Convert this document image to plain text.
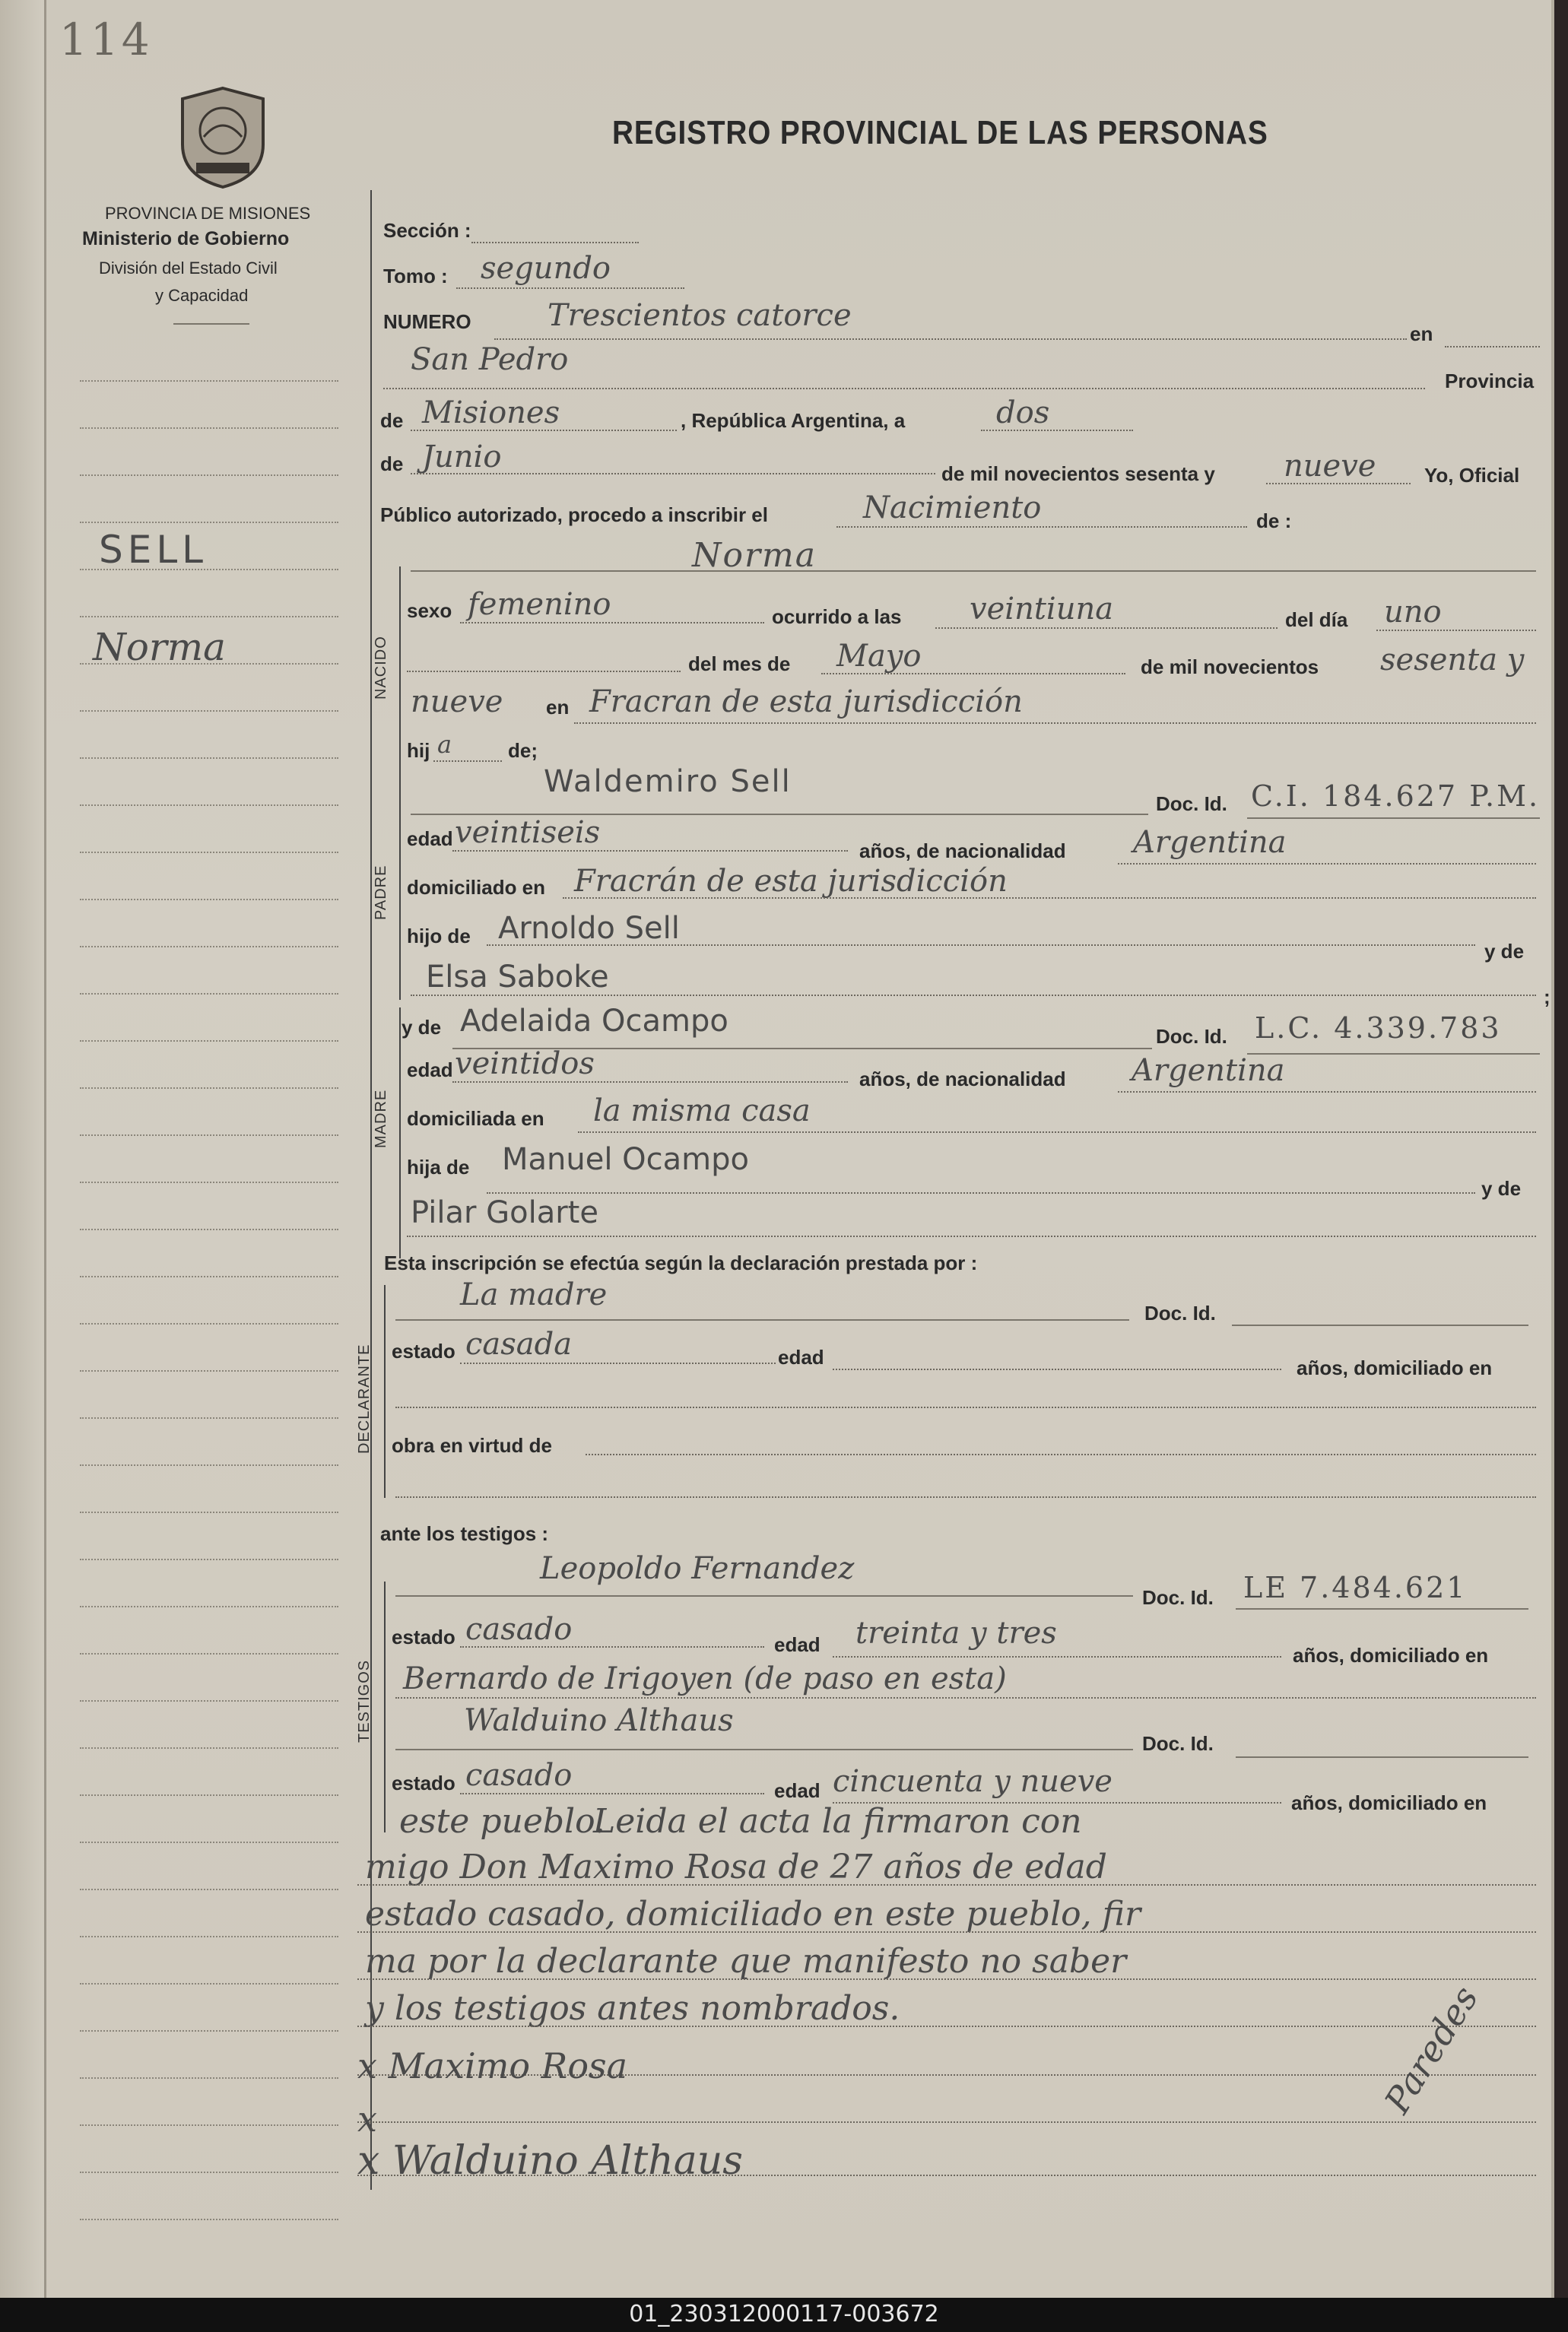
114
REGISTRO PROVINCIAL DE LAS PERSONAS
PROVINCIA DE MISIONES
Ministerio de Gobierno
División del Estado Civil
y Capacidad
SELL
Norma
Sección :
Tomo : segundo
NUMERO	Trescientos catorce
en
San Pedro
Provincia
de Misiones	, República Argentina, a	dos
de Junio	de mil novecientos sesenta y nueve Yo, Oficial
Público autorizado, procedo a inscribir el	Nacimiento	de :
NACIDO
Norma
sexo femenino	ocurrido a las veintiuna	del día uno
del mes de Mayo	de mil novecientos sesenta y
nueve en Fracran de esta jurisdicción
hij a	de;
PADRE
Waldemiro Sell
Doc. Id. C.I. 184.627 P.M.
edad veintiseis
años, de nacionalidad Argentina
domiciliado en Fracrán de esta jurisdicción
hijo de Arnoldo Sell
y de
Elsa Saboke
;
MADRE
y de Adelaida Ocampo	Doc. Id. L.C. 4.339.783
edad veintidos	años, de nacionalidad Argentina
domiciliada en la misma casa
hija de Manuel Ocampo
y de
Pilar Golarte
Esta inscripción se efectúa según la declaración prestada por :
DECLARANTE
La madre
Doc. Id.
estado casada	edad	años, domiciliado en
obra en virtud de
ante los testigos :
TESTIGOS
Leopoldo Fernandez
Doc. Id. LE 7.484.621
estado casado	edad treinta y tres
años, domiciliado en
Bernardo de Irigoyen (de paso en esta)
Walduino Althaus
Doc. Id.
estado casado	edad cincuenta y nueve
años, domiciliado en
este pueblo.
Leida el acta la firmaron con
migo Don Maximo Rosa de 27 años de edad
estado casado, domiciliado en este pueblo, fir
ma por la declarante que manifesto no saber
y los testigos antes nombrados.
x Maximo Rosa
x
x Walduino Althaus
Paredes
01_230312000117-003672
